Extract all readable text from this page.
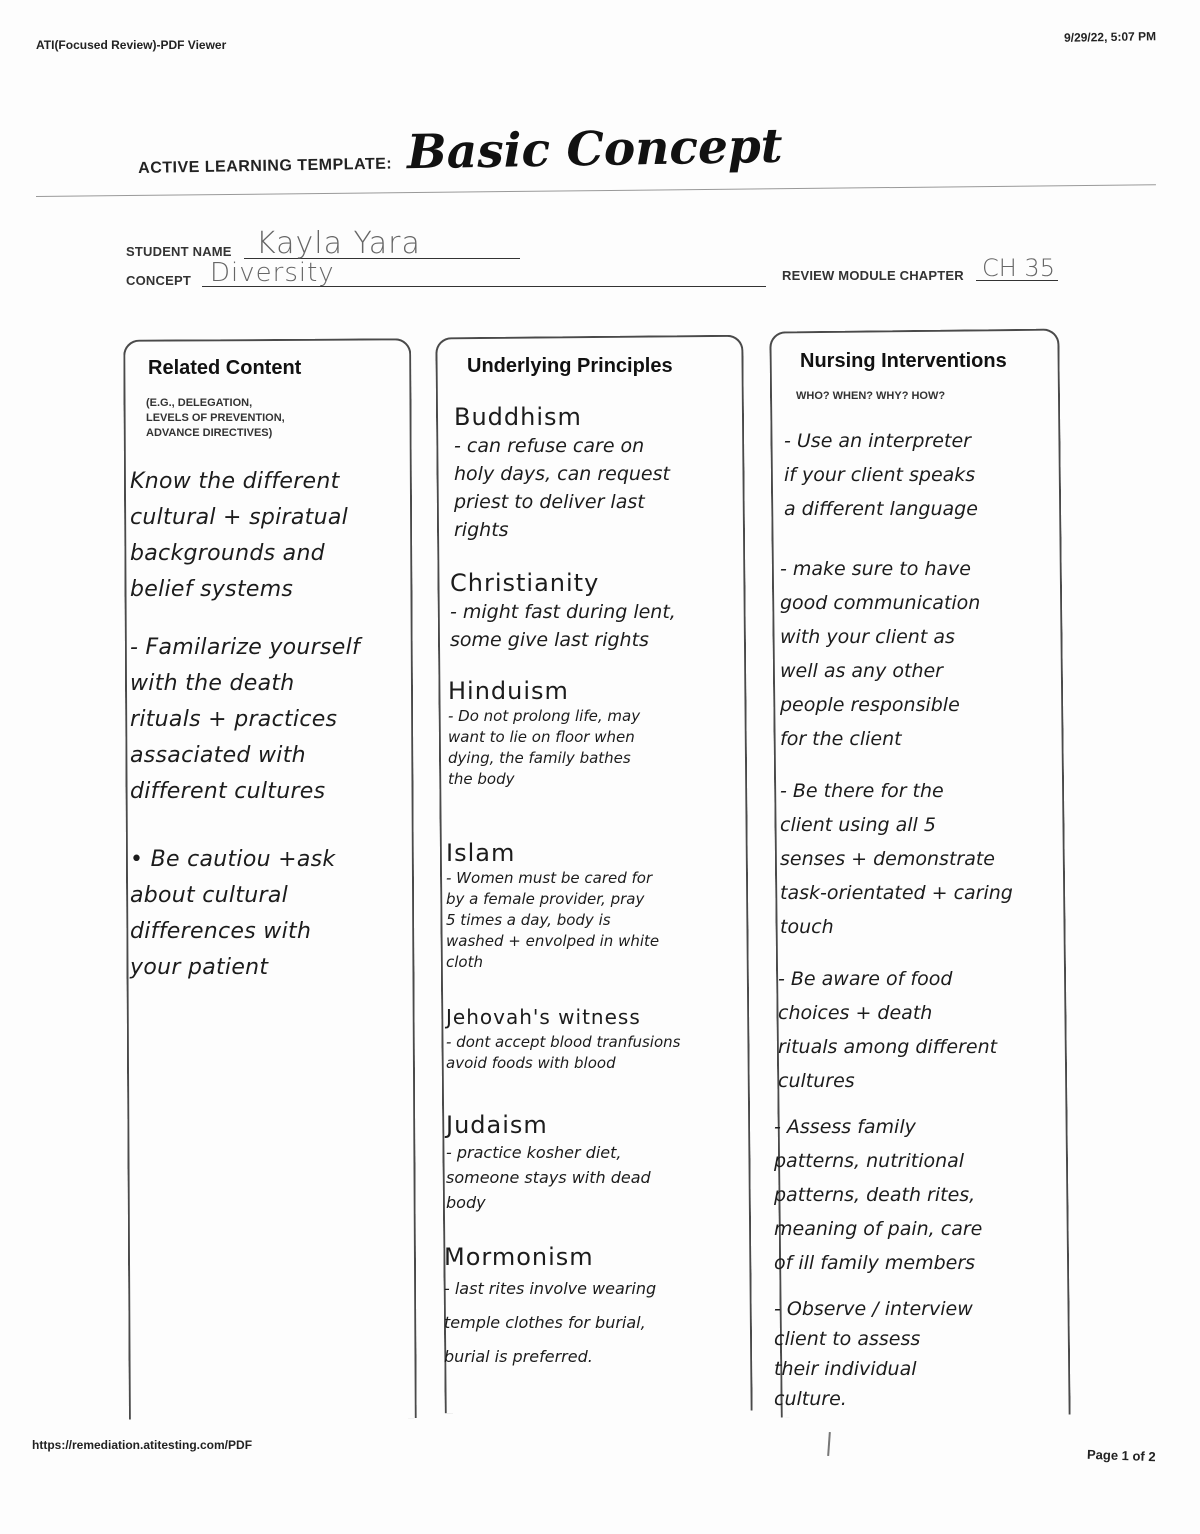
ATI(Focused Review)-PDF Viewer
9/29/22, 5:07 PM
ACTIVE LEARNING TEMPLATE: Basic Concept
STUDENT NAME Kayla Yara
CONCEPT Diversity	REVIEW MODULE CHAPTER CH 35
Related Content
(E.G., DELEGATION,
LEVELS OF PREVENTION,
ADVANCE DIRECTIVES)
Know the different
cultural + spiratual
backgrounds and
belief systems
- Familarize yourself
with the death
rituals + practices
assaciated with
different cultures
• Be cautiou +ask
about cultural
differences with
your patient
Underlying Principles
Buddhism
- can refuse care on
holy days, can request
priest to deliver last
rights
Christianity
- might fast during lent,
some give last rights
Hinduism
- Do not prolong life, may
want to lie on floor when
dying, the family bathes
the body
Islam
- Women must be cared for
by a female provider, pray
5 times a day, body is
washed + envolped in white
cloth
Jehovah's witness
- dont accept blood tranfusions
avoid foods with blood
Judaism
- practice kosher diet,
someone stays with dead
body
Mormonism
- last rites involve wearing
temple clothes for burial,
burial is preferred.
Nursing Interventions
WHO? WHEN? WHY? HOW?
- Use an interpreter
if your client speaks
a different language
- make sure to have
good communication
with your client as
well as any other
people responsible
for the client
- Be there for the
client using all 5
senses + demonstrate
task-orientated + caring
touch
- Be aware of food
choices + death
rituals among different
cultures
- Assess family
patterns, nutritional
patterns, death rites,
meaning of pain, care
of ill family members
- Observe / interview
client to assess
their individual
culture.
https://remediation.atitesting.com/PDF
Page 1 of 2
